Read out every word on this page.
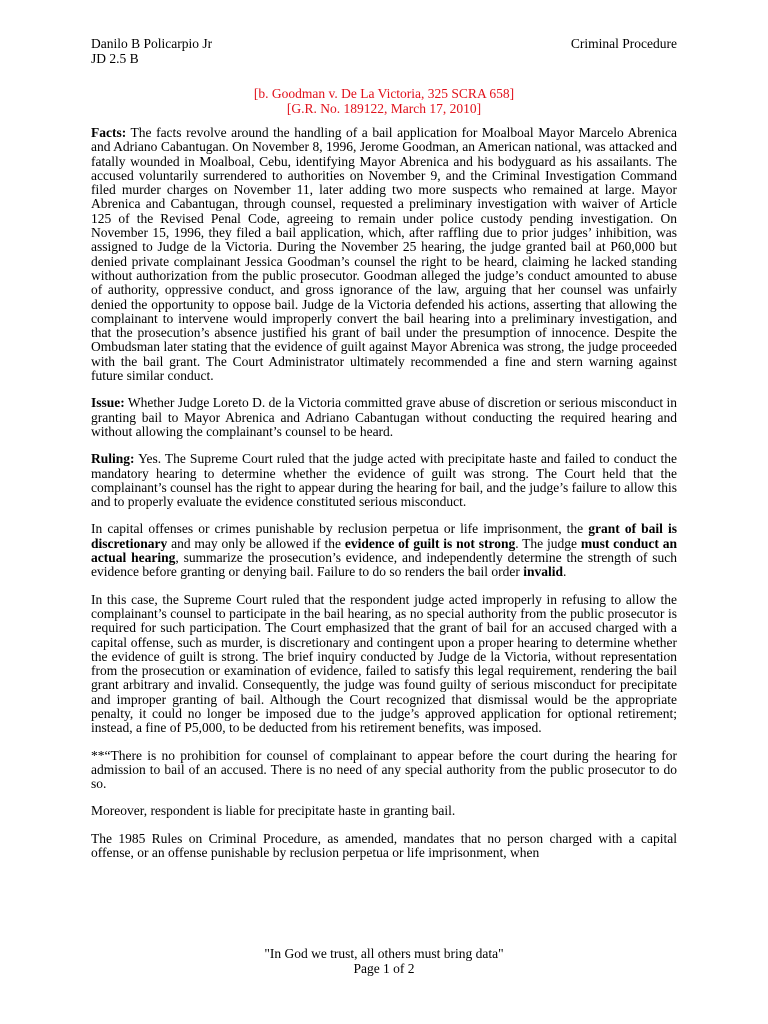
Danilo B Policarpio Jr
JD 2.5 B
Criminal Procedure
[b. Goodman v. De La Victoria, 325 SCRA 658]
[G.R. No. 189122, March 17, 2010]

Facts: The facts revolve around the handling of a bail application for Moalboal Mayor Marcelo Abrenica and Adriano Cabantugan. On November 8, 1996, Jerome Goodman, an American national, was attacked and fatally wounded in Moalboal, Cebu, identifying Mayor Abrenica and his bodyguard as his assailants. The accused voluntarily surrendered to authorities on November 9, and the Criminal Investigation Command filed murder charges on November 11, later adding two more suspects who remained at large. Mayor Abrenica and Cabantugan, through counsel, requested a preliminary investigation with waiver of Article 125 of the Revised Penal Code, agreeing to remain under police custody pending investigation. On November 15, 1996, they filed a bail application, which, after raffling due to prior judges’ inhibition, was assigned to Judge de la Victoria. During the November 25 hearing, the judge granted bail at P60,000 but denied private complainant Jessica Goodman’s counsel the right to be heard, claiming he lacked standing without authorization from the public prosecutor. Goodman alleged the judge’s conduct amounted to abuse of authority, oppressive conduct, and gross ignorance of the law, arguing that her counsel was unfairly denied the opportunity to oppose bail. Judge de la Victoria defended his actions, asserting that allowing the complainant to intervene would improperly convert the bail hearing into a preliminary investigation, and that the prosecution’s absence justified his grant of bail under the presumption of innocence. Despite the Ombudsman later stating that the evidence of guilt against Mayor Abrenica was strong, the judge proceeded with the bail grant. The Court Administrator ultimately recommended a fine and stern warning against future similar conduct.

Issue: Whether Judge Loreto D. de la Victoria committed grave abuse of discretion or serious misconduct in granting bail to Mayor Abrenica and Adriano Cabantugan without conducting the required hearing and without allowing the complainant’s counsel to be heard.

Ruling: Yes. The Supreme Court ruled that the judge acted with precipitate haste and failed to conduct the mandatory hearing to determine whether the evidence of guilt was strong. The Court held that the complainant’s counsel has the right to appear during the hearing for bail, and the judge’s failure to allow this and to properly evaluate the evidence constituted serious misconduct.

In capital offenses or crimes punishable by reclusion perpetua or life imprisonment, the grant of bail is discretionary and may only be allowed if the evidence of guilt is not strong. The judge must conduct an actual hearing, summarize the prosecution’s evidence, and independently determine the strength of such evidence before granting or denying bail. Failure to do so renders the bail order invalid.

In this case, the Supreme Court ruled that the respondent judge acted improperly in refusing to allow the complainant’s counsel to participate in the bail hearing, as no special authority from the public prosecutor is required for such participation. The Court emphasized that the grant of bail for an accused charged with a capital offense, such as murder, is discretionary and contingent upon a proper hearing to determine whether the evidence of guilt is strong. The brief inquiry conducted by Judge de la Victoria, without representation from the prosecution or examination of evidence, failed to satisfy this legal requirement, rendering the bail grant arbitrary and invalid. Consequently, the judge was found guilty of serious misconduct for precipitate and improper granting of bail. Although the Court recognized that dismissal would be the appropriate penalty, it could no longer be imposed due to the judge’s approved application for optional retirement; instead, a fine of P5,000, to be deducted from his retirement benefits, was imposed.

**“There is no prohibition for counsel of complainant to appear before the court during the hearing for admission to bail of an accused. There is no need of any special authority from the public prosecutor to do so.

Moreover, respondent is liable for precipitate haste in granting bail.

The 1985 Rules on Criminal Procedure, as amended, mandates that no person charged with a capital offense, or an offense punishable by reclusion perpetua or life imprisonment, when

"In God we trust, all others must bring data"
Page 1 of 2
